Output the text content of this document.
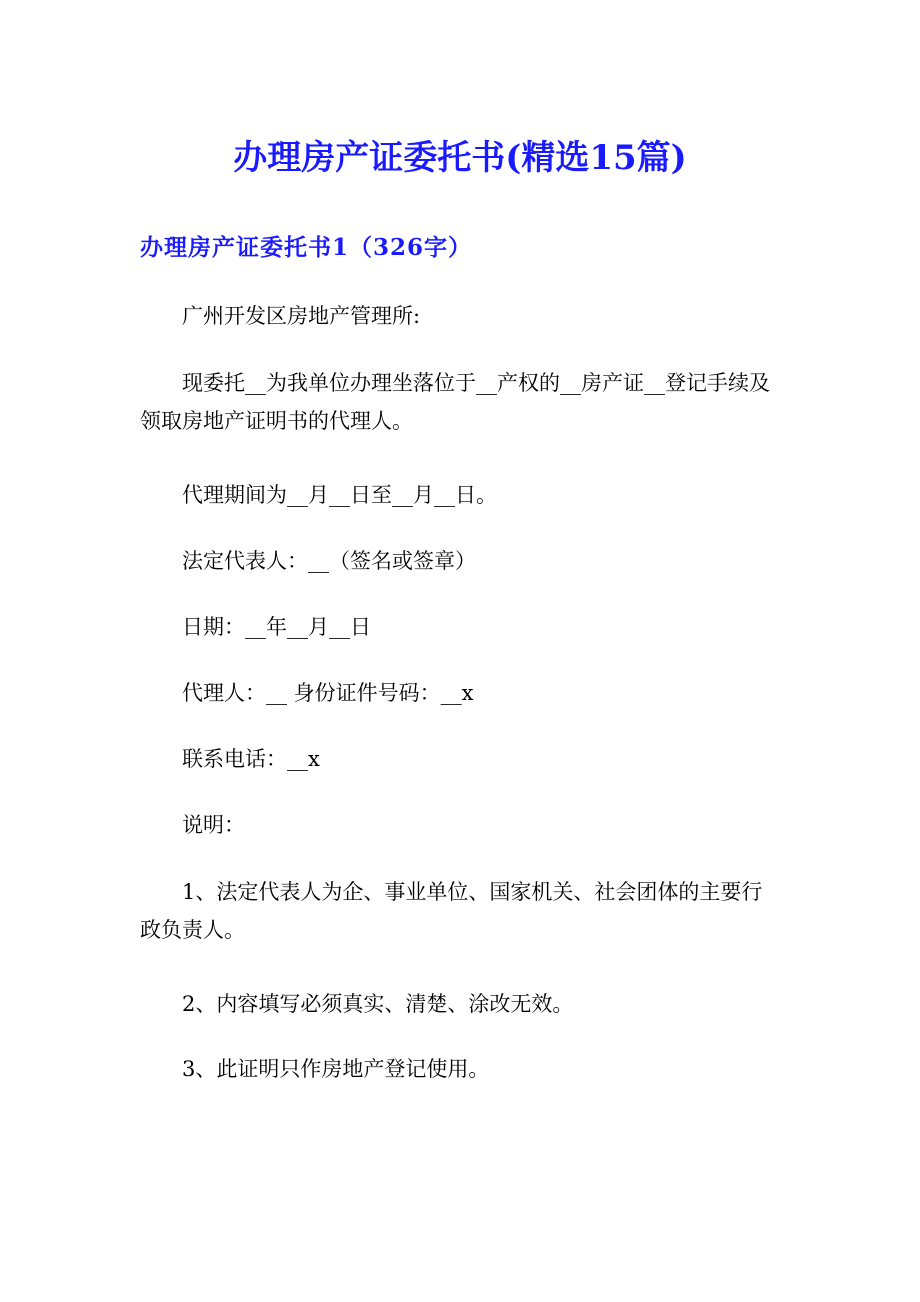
办理房产证委托书(精选15篇)
办理房产证委托书1（326字）

广州开发区房地产管理所:

现委托__为我单位办理坐落位于__产权的__房产证__登记手续及领取房地产证明书的代理人。

代理期间为__月__日至__月__日。

法定代表人：__（签名或签章）

日期：__年__月__日

代理人：__ 身份证件号码：__x

联系电话：__x

说明：

1、法定代表人为企、事业单位、国家机关、社会团体的主要行政负责人。

2、内容填写必须真实、清楚、涂改无效。

3、此证明只作房地产登记使用。
